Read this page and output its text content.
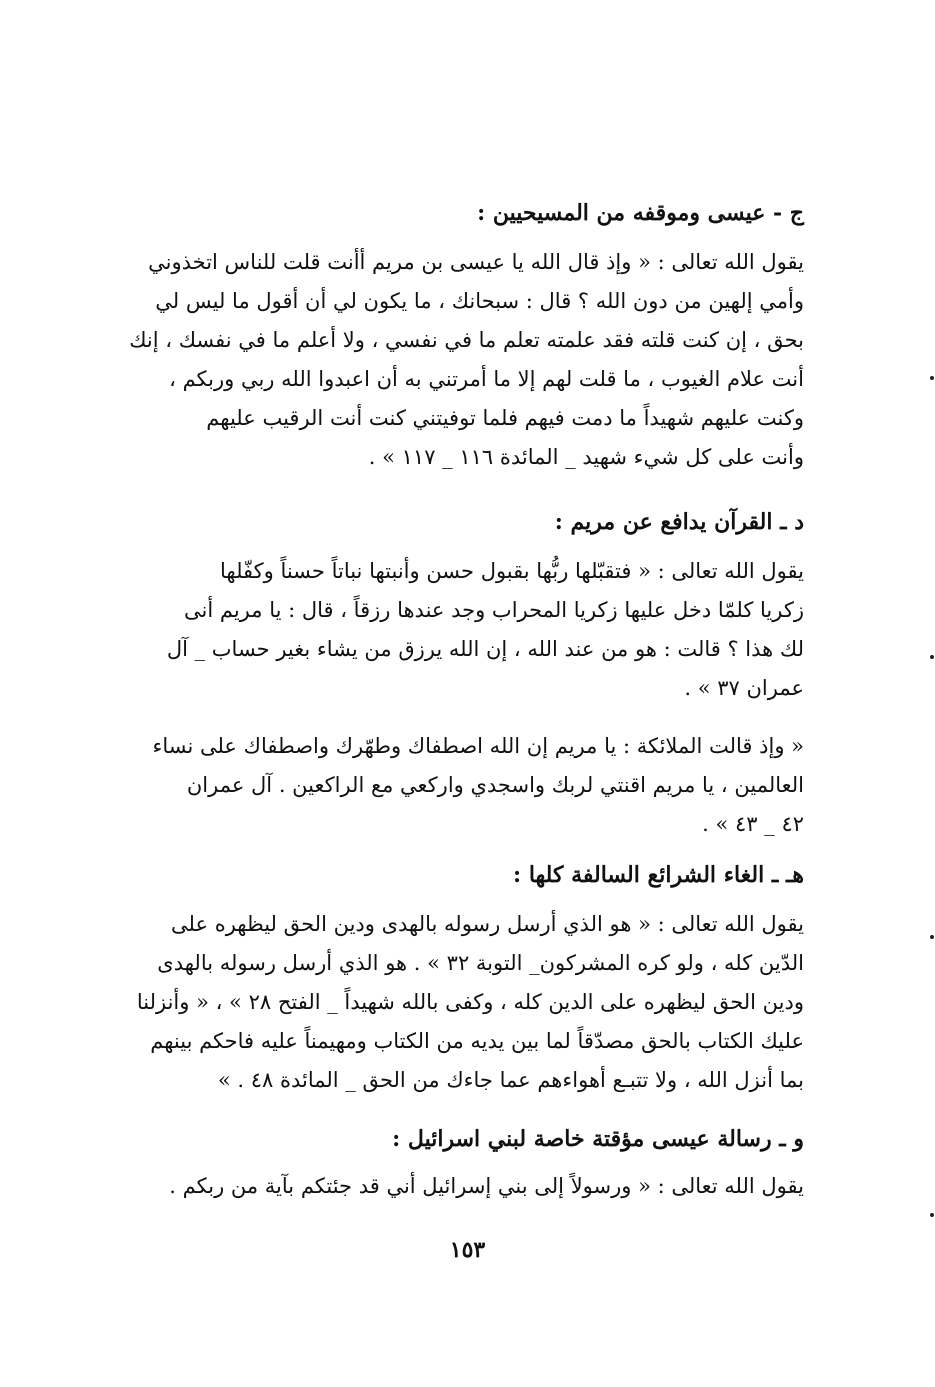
ج - عيسى وموقفه من المسيحيين :

يقول الله تعالى : « وإذ قال الله يا عيسى بن مريم أأنت قلت للناس اتخذوني

وأمي إلهين من دون الله ؟ قال : سبحانك ، ما يكون لي أن أقول ما ليس لي

بحق ، إن كنت قلته فقد علمته تعلم ما في نفسي ، ولا أعلم ما في نفسك ، إنك

أنت علام الغيوب ، ما قلت لهم إلا ما أمرتني به أن اعبدوا الله ربي وربكم ،

وكنت عليهم شهيداً ما دمت فيهم فلما توفيتني كنت أنت الرقيب عليهم

وأنت على كل شيء شهيد _ المائدة ١١٦ _ ١١٧ » .

د ـ القرآن يدافع عن مريم :

يقول الله تعالى : « فتقبّلها ربُّها بقبول حسن وأنبتها نباتاً حسناً وكفّلها

زكريا كلمّا دخل عليها زكريا المحراب وجد عندها رزقاً ، قال : يا مريم أنى

لك هذا ؟ قالت : هو من عند الله ، إن الله يرزق من يشاء بغير حساب _ آل

عمران ٣٧ » .

« وإذ قالت الملائكة : يا مريم إن الله اصطفاك وطهّرك واصطفاك على نساء

العالمين ، يا مريم اقنتي لربك واسجدي واركعي مع الراكعين . آل عمران

٤٢ _ ٤٣ » .

هـ ـ الغاء الشرائع السالفة كلها :

يقول الله تعالى : « هو الذي أرسل رسوله بالهدى ودين الحق ليظهره على

الدّين كله ، ولو كره المشركون_ التوبة ٣٢ » . هو الذي أرسل رسوله بالهدى

ودين الحق ليظهره على الدين كله ، وكفى بالله شهيداً _ الفتح ٢٨ » ، « وأنزلنا

عليك الكتاب بالحق مصدّقاً لما بين يديه من الكتاب ومهيمناً عليه فاحكم بينهم

بما أنزل الله ، ولا تتبـع أهواءهم عما جاءك من الحق _ المائدة ٤٨ . »

و ـ رسالة عيسى مؤقتة خاصة لبني اسرائيل :

يقول الله تعالى : « ورسولاً إلى بني إسرائيل أني قد جئتكم بآية من ربكم .

١٥٣
